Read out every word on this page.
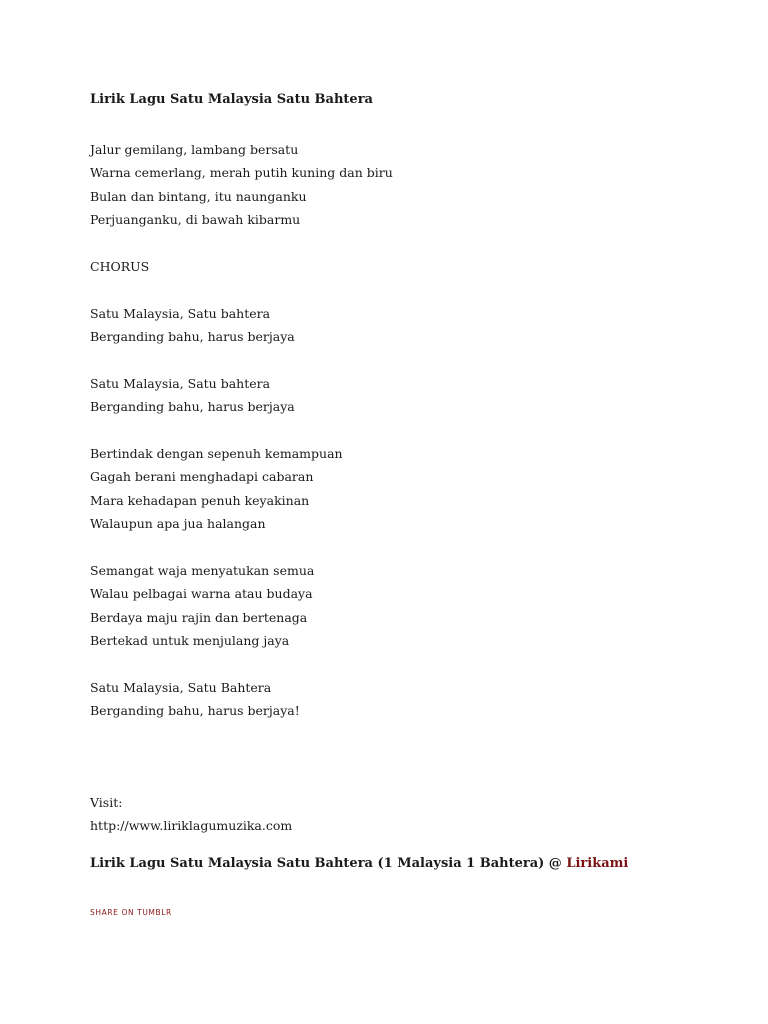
Lirik Lagu Satu Malaysia Satu Bahtera
Jalur gemilang, lambang bersatu
Warna cemerlang, merah putih kuning dan biru
Bulan dan bintang, itu naunganku
Perjuanganku, di bawah kibarmu
CHORUS
Satu Malaysia, Satu bahtera
Berganding bahu, harus berjaya
Satu Malaysia, Satu bahtera
Berganding bahu, harus berjaya
Bertindak dengan sepenuh kemampuan
Gagah berani menghadapi cabaran
Mara kehadapan penuh keyakinan
Walaupun apa jua halangan
Semangat waja menyatukan semua
Walau pelbagai warna atau budaya
Berdaya maju rajin dan bertenaga
Bertekad untuk menjulang jaya
Satu Malaysia, Satu Bahtera
Berganding bahu, harus berjaya!
Visit:
http://www.liriklagumuzika.com

Lirik Lagu Satu Malaysia Satu Bahtera (1 Malaysia 1 Bahtera) @ Lirikami

SHARE ON TUMBLR
